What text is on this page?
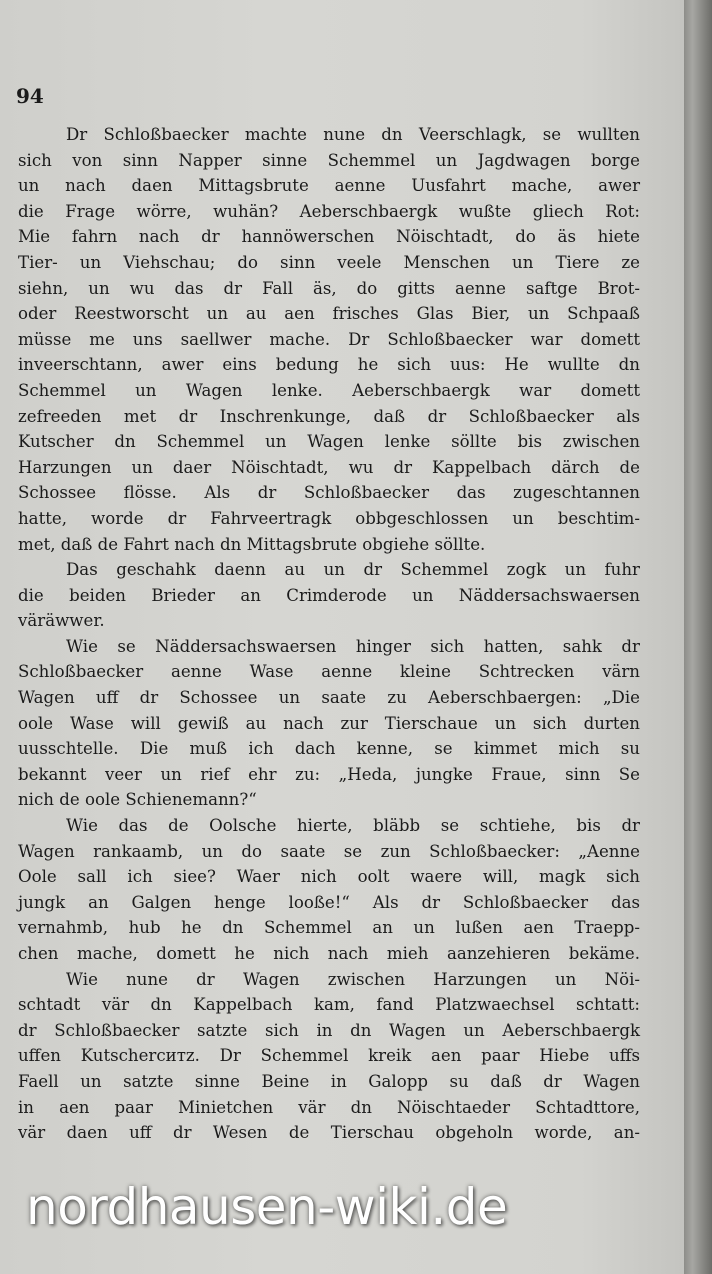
94
Dr Schloßbaecker machte nune dn Veerschlagk, se wullten
sich von sinn Napper sinne Schemmel un Jagdwagen borge
un nach daen Mittagsbrute aenne Uusfahrt mache, awer
die Frage wörre, wuhän? Aeberschbaergk wußte gliech Rot:
Mie fahrn nach dr hannöwerschen Nöischtadt, do äs hiete
Tier- un Viehschau; do sinn veele Menschen un Tiere ze
siehn, un wu das dr Fall äs, do gitts aenne saftge Brot-
oder Reestworscht un au aen frisches Glas Bier, un Schpaaß
müsse me uns saellwer mache. Dr Schloßbaecker war domett
inveerschtann, awer eins bedung he sich uus: He wullte dn
Schemmel un Wagen lenke. Aeberschbaergk war domett
zefreeden met dr Inschrenkunge, daß dr Schloßbaecker als
Kutscher dn Schemmel un Wagen lenke söllte bis zwischen
Harzungen un daer Nöischtadt, wu dr Kappelbach därch de
Schossee flösse. Als dr Schloßbaecker das zugeschtannen
hatte, worde dr Fahrveertragk obbgeschlossen un beschtim-
met, daß de Fahrt nach dn Mittagsbrute obgiehe söllte.
Das geschahk daenn au un dr Schemmel zogk un fuhr
die beiden Brieder an Crimderode un Näddersachswaersen
väräwwer.
Wie se Näddersachswaersen hinger sich hatten, sahk dr
Schloßbaecker aenne Wase aenne kleine Schtrecken värn
Wagen uff dr Schossee un saate zu Aeberschbaergen: „Die
oole Wase will gewiß au nach zur Tierschaue un sich durten
uusschtelle. Die muß ich dach kenne, se kimmet mich su
bekannt veer un rief ehr zu: „Heda, jungke Fraue, sinn Se
nich de oole Schienemann?“
Wie das de Oolsche hierte, bläbb se schtiehe, bis dr
Wagen rankaamb, un do saate se zun Schloßbaecker: „Aenne
Oole sall ich siee? Waer nich oolt waere will, magk sich
jungk an Galgen henge looße!“ Als dr Schloßbaecker das
vernahmb, hub he dn Schemmel an un lußen aen Traepp-
chen mache, domett he nich nach mieh aanzehieren bekäme.
Wie nune dr Wagen zwischen Harzungen un Nöi-
schtadt vär dn Kappelbach kam, fand Platzwaechsel schtatt:
dr Schloßbaecker satzte sich in dn Wagen un Aeberschbaergk
uffen Kutscherситz. Dr Schemmel kreik aen paar Hiebe uffs
Faell un satzte sinne Beine in Galopp su daß dr Wagen
in aen paar Minietchen vär dn Nöischtaeder Schtadttore,
vär daen uff dr Wesen de Tierschau obgeholn worde, an-
nordhausen-wiki.de
